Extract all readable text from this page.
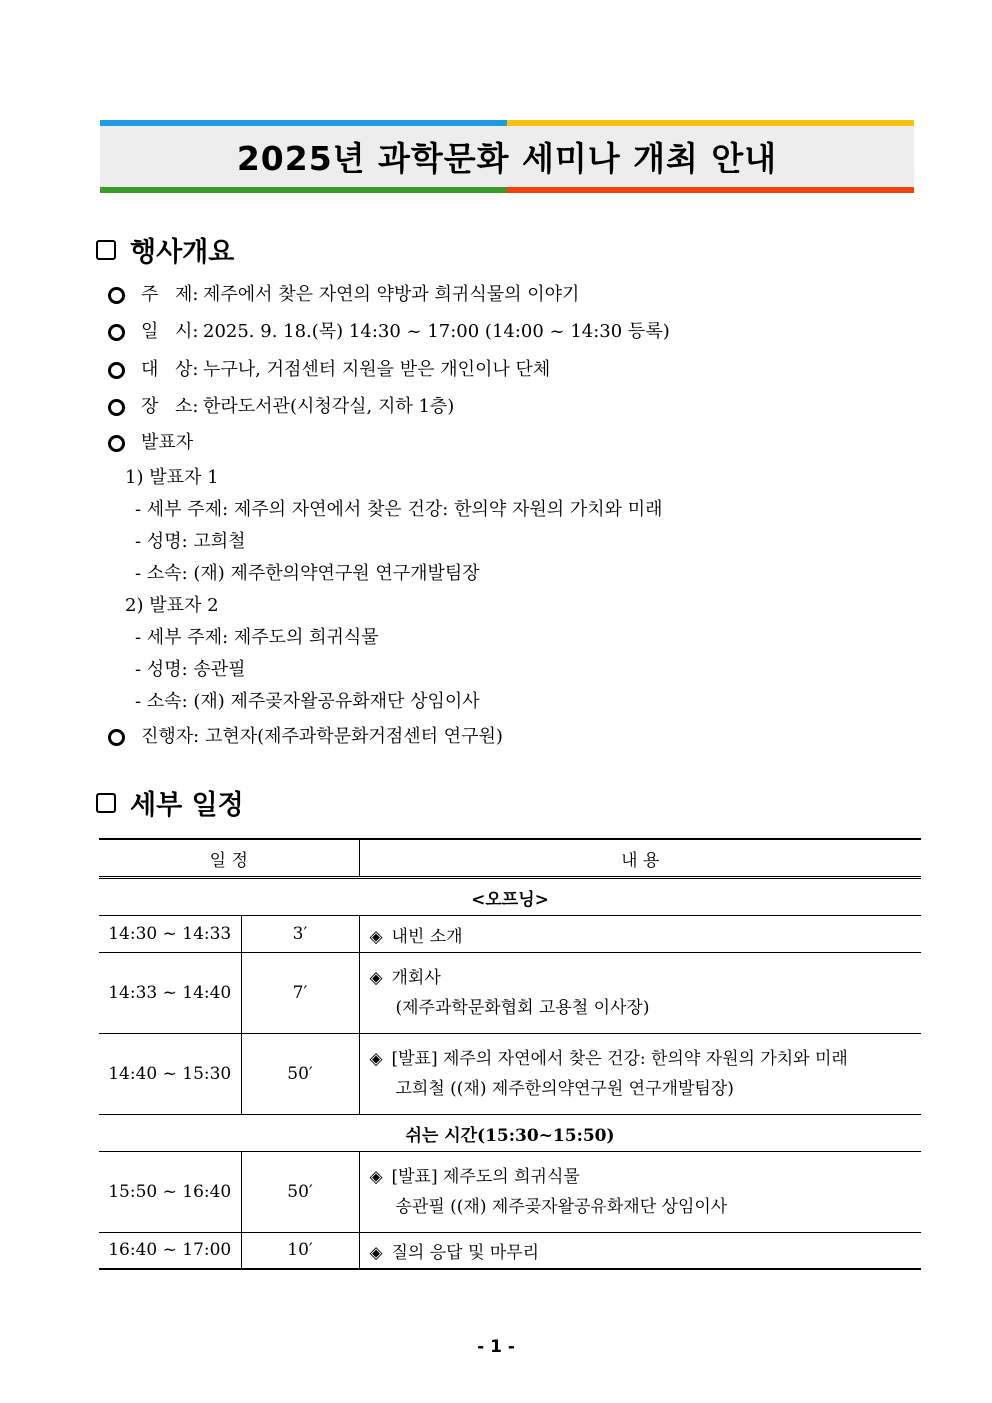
2025년 과학문화 세미나 개최 안내
행사개요
주 제: 제주에서 찾은 자연의 약방과 희귀식물의 이야기
일 시: 2025. 9. 18.(목) 14:30 ~ 17:00 (14:00 ~ 14:30 등록)
대 상: 누구나, 거점센터 지원을 받은 개인이나 단체
장 소: 한라도서관(시청각실, 지하 1층)
발표자
1) 발표자 1
- 세부 주제: 제주의 자연에서 찾은 건강: 한의약 자원의 가치와 미래
- 성명: 고희철
- 소속: (재) 제주한의약연구원 연구개발팀장
2) 발표자 2
- 세부 주제: 제주도의 희귀식물
- 성명: 송관필
- 소속: (재) 제주곶자왈공유화재단 상임이사
진행자: 고현자(제주과학문화거점센터 연구원)
세부 일정
일 정		내 용
<오프닝>		
14:30 ~ 14:33	3′	◈ 내빈 소개
14:33 ~ 14:40	7′	◈ 개회사
(제주과학문화협회 고용철 이사장)

14:40 ~ 15:30	50′	◈ [발표] 제주의 자연에서 찾은 건강: 한의약 자원의 가치와 미래
고희철 ((재) 제주한의약연구원 연구개발팀장)

쉬는 시간(15:30~15:50)		
15:50 ~ 16:40	50′	◈ [발표] 제주도의 희귀식물
송관필 ((재) 제주곶자왈공유화재단 상임이사

16:40 ~ 17:00	10′	◈ 질의 응답 및 마무리
- 1 -
